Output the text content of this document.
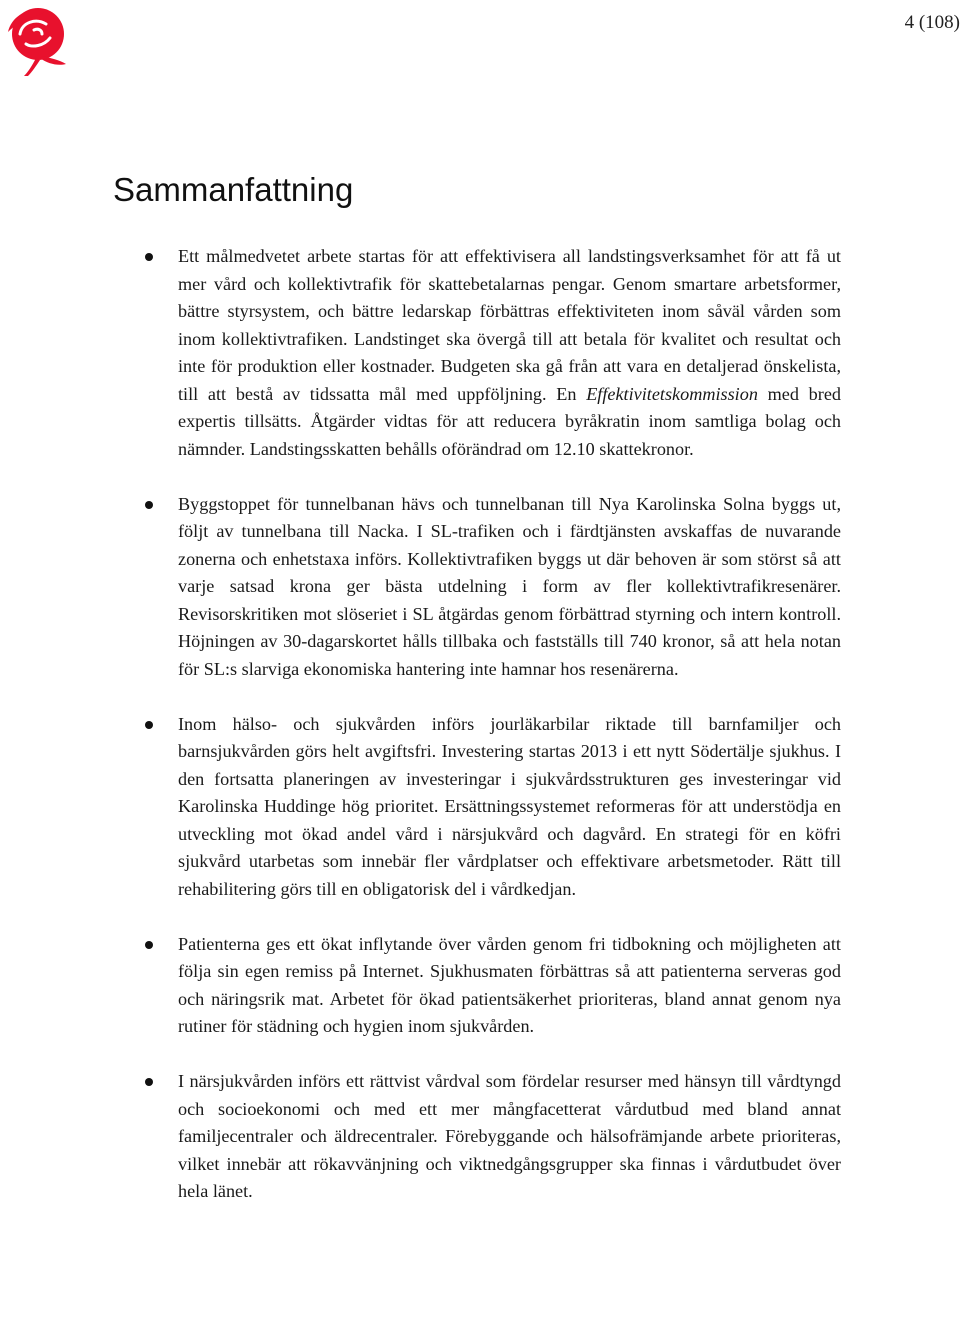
4 (108)
Sammanfattning
Ett målmedvetet arbete startas för att effektivisera all landstingsverksamhet för att få ut mer vård och kollektivtrafik för skattebetalarnas pengar. Genom smartare arbetsformer, bättre styrsystem, och bättre ledarskap förbättras effektiviteten inom såväl vården som inom kollektivtrafiken. Landstinget ska övergå till att betala för kvalitet och resultat och inte för produktion eller kostnader. Budgeten ska gå från att vara en detaljerad önskelista, till att bestå av tidssatta mål med uppföljning. En Effektivitetskommission med bred expertis tillsätts. Åtgärder vidtas för att reducera byråkratin inom samtliga bolag och nämnder. Landstingsskatten behålls oförändrad om 12.10 skattekronor.
Byggstoppet för tunnelbanan hävs och tunnelbanan till Nya Karolinska Solna byggs ut, följt av tunnelbana till Nacka. I SL-trafiken och i färdtjänsten avskaffas de nuvarande zonerna och enhetstaxa införs. Kollektivtrafiken byggs ut där behoven är som störst så att varje satsad krona ger bästa utdelning i form av fler kollektivtrafikresenärer. Revisorskritiken mot slöseriet i SL åtgärdas genom förbättrad styrning och intern kontroll. Höjningen av 30-dagarskortet hålls tillbaka och fastställs till 740 kronor, så att hela notan för SL:s slarviga ekonomiska hantering inte hamnar hos resenärerna.
Inom hälso- och sjukvården införs jourläkarbilar riktade till barnfamiljer och barnsjukvården görs helt avgiftsfri. Investering startas 2013 i ett nytt Södertälje sjukhus. I den fortsatta planeringen av investeringar i sjukvårdsstrukturen ges investeringar vid Karolinska Huddinge hög prioritet. Ersättningssystemet reformeras för att understödja en utveckling mot ökad andel vård i närsjukvård och dagvård. En strategi för en köfri sjukvård utarbetas som innebär fler vårdplatser och effektivare arbetsmetoder. Rätt till rehabilitering görs till en obligatorisk del i vårdkedjan.
Patienterna ges ett ökat inflytande över vården genom fri tidbokning och möjligheten att följa sin egen remiss på Internet. Sjukhusmaten förbättras så att patienterna serveras god och näringsrik mat. Arbetet för ökad patientsäkerhet prioriteras, bland annat genom nya rutiner för städning och hygien inom sjukvården.
I närsjukvården införs ett rättvist vårdval som fördelar resurser med hänsyn till vårdtyngd och socioekonomi och med ett mer mångfacetterat vårdutbud med bland annat familjecentraler och äldrecentraler. Förebyggande och hälsofrämjande arbete prioriteras, vilket innebär att rökavvänjning och viktnedgångsgrupper ska finnas i vårdutbudet över hela länet.
